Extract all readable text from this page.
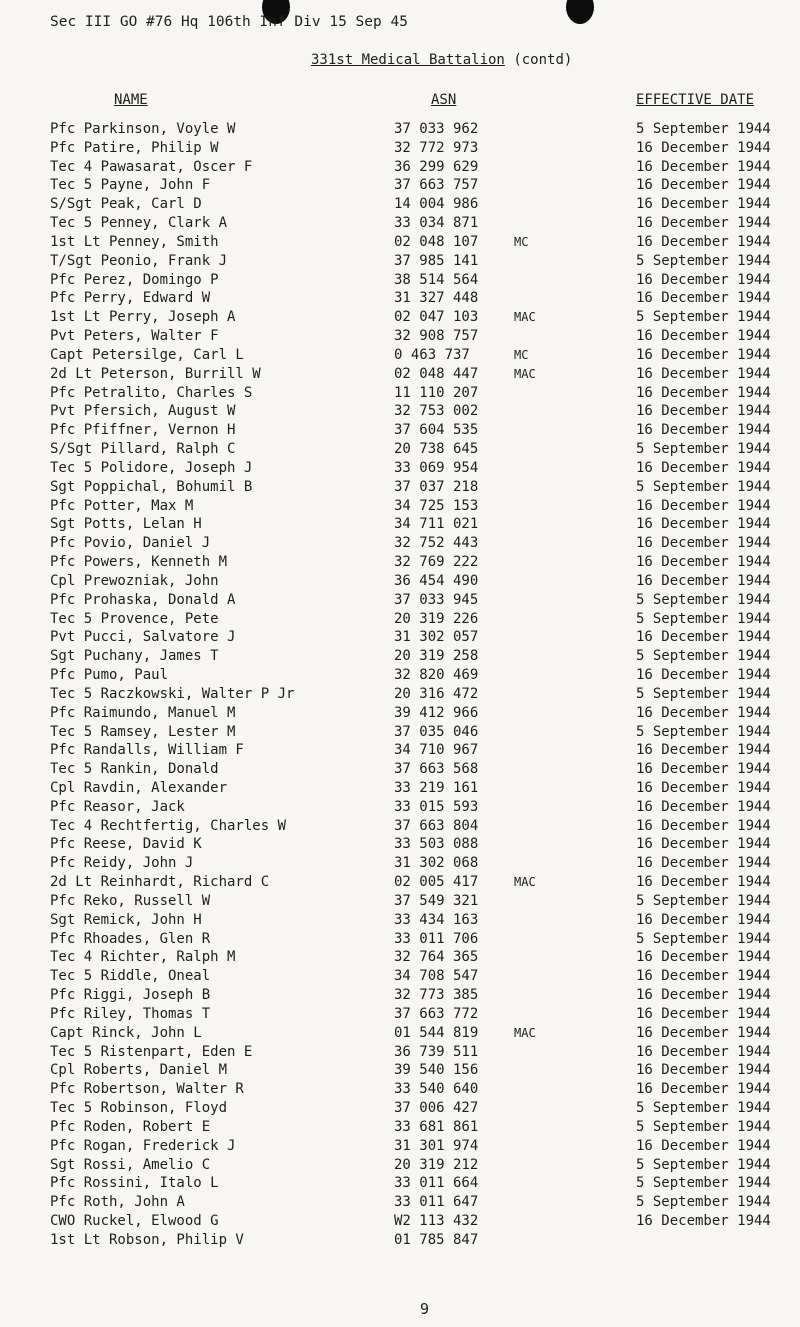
Sec III GO #76 Hq 106th Inf Div 15 Sep 45
331st Medical Battalion (contd)
NAME	ASN	EFFECTIVE DATE
Pfc Parkinson, Voyle W	37 033 962	5 September 1944
Pfc Patire, Philip W	32 772 973	16 December 1944
Tec 4 Pawasarat, Oscer F	36 299 629	16 December 1944
Tec 5 Payne, John F	37 663 757	16 December 1944
S/Sgt Peak, Carl D	14 004 986	16 December 1944
Tec 5 Penney, Clark A	33 034 871	16 December 1944
1st Lt Penney, Smith	02 048 107	MC	16 December 1944
T/Sgt Peonio, Frank J	37 985 141	5 September 1944
Pfc Perez, Domingo P	38 514 564	16 December 1944
Pfc Perry, Edward W	31 327 448	16 December 1944
1st Lt Perry, Joseph A	02 047 103	MAC	5 September 1944
Pvt Peters, Walter F	32 908 757	16 December 1944
Capt Petersilge, Carl L	0 463 737	MC	16 December 1944
2d Lt Peterson, Burrill W	02 048 447	MAC	16 December 1944
Pfc Petralito, Charles S	11 110 207	16 December 1944
Pvt Pfersich, August W	32 753 002	16 December 1944
Pfc Pfiffner, Vernon H	37 604 535	16 December 1944
S/Sgt Pillard, Ralph C	20 738 645	5 September 1944
Tec 5 Polidore, Joseph J	33 069 954	16 December 1944
Sgt Poppichal, Bohumil B	37 037 218	5 September 1944
Pfc Potter, Max M	34 725 153	16 December 1944
Sgt Potts, Lelan H	34 711 021	16 December 1944
Pfc Povio, Daniel J	32 752 443	16 December 1944
Pfc Powers, Kenneth M	32 769 222	16 December 1944
Cpl Prewozniak, John	36 454 490	16 December 1944
Pfc Prohaska, Donald A	37 033 945	5 September 1944
Tec 5 Provence, Pete	20 319 226	5 September 1944
Pvt Pucci, Salvatore J	31 302 057	16 December 1944
Sgt Puchany, James T	20 319 258	5 September 1944
Pfc Pumo, Paul	32 820 469	16 December 1944
Tec 5 Raczkowski, Walter P Jr	20 316 472	5 September 1944
Pfc Raimundo, Manuel M	39 412 966	16 December 1944
Tec 5 Ramsey, Lester M	37 035 046	5 September 1944
Pfc Randalls, William F	34 710 967	16 December 1944
Tec 5 Rankin, Donald	37 663 568	16 December 1944
Cpl Ravdin, Alexander	33 219 161	16 December 1944
Pfc Reasor, Jack	33 015 593	16 December 1944
Tec 4 Rechtfertig, Charles W	37 663 804	16 December 1944
Pfc Reese, David K	33 503 088	16 December 1944
Pfc Reidy, John J	31 302 068	16 December 1944
2d Lt Reinhardt, Richard C	02 005 417	MAC	16 December 1944
Pfc Reko, Russell W	37 549 321	5 September 1944
Sgt Remick, John H	33 434 163	16 December 1944
Pfc Rhoades, Glen R	33 011 706	5 September 1944
Tec 4 Richter, Ralph M	32 764 365	16 December 1944
Tec 5 Riddle, Oneal	34 708 547	16 December 1944
Pfc Riggi, Joseph B	32 773 385	16 December 1944
Pfc Riley, Thomas T	37 663 772	16 December 1944
Capt Rinck, John L	01 544 819	MAC	16 December 1944
Tec 5 Ristenpart, Eden E	36 739 511	16 December 1944
Cpl Roberts, Daniel M	39 540 156	16 December 1944
Pfc Robertson, Walter R	33 540 640	16 December 1944
Tec 5 Robinson, Floyd	37 006 427	5 September 1944
Pfc Roden, Robert E	33 681 861	5 September 1944
Pfc Rogan, Frederick J	31 301 974	16 December 1944
Sgt Rossi, Amelio C	20 319 212	5 September 1944
Pfc Rossini, Italo L	33 011 664	5 September 1944
Pfc Roth, John A	33 011 647	5 September 1944
CWO Ruckel, Elwood G	W2 113 432	16 December 1944
1st Lt Robson, Philip V	01 785 847
9
